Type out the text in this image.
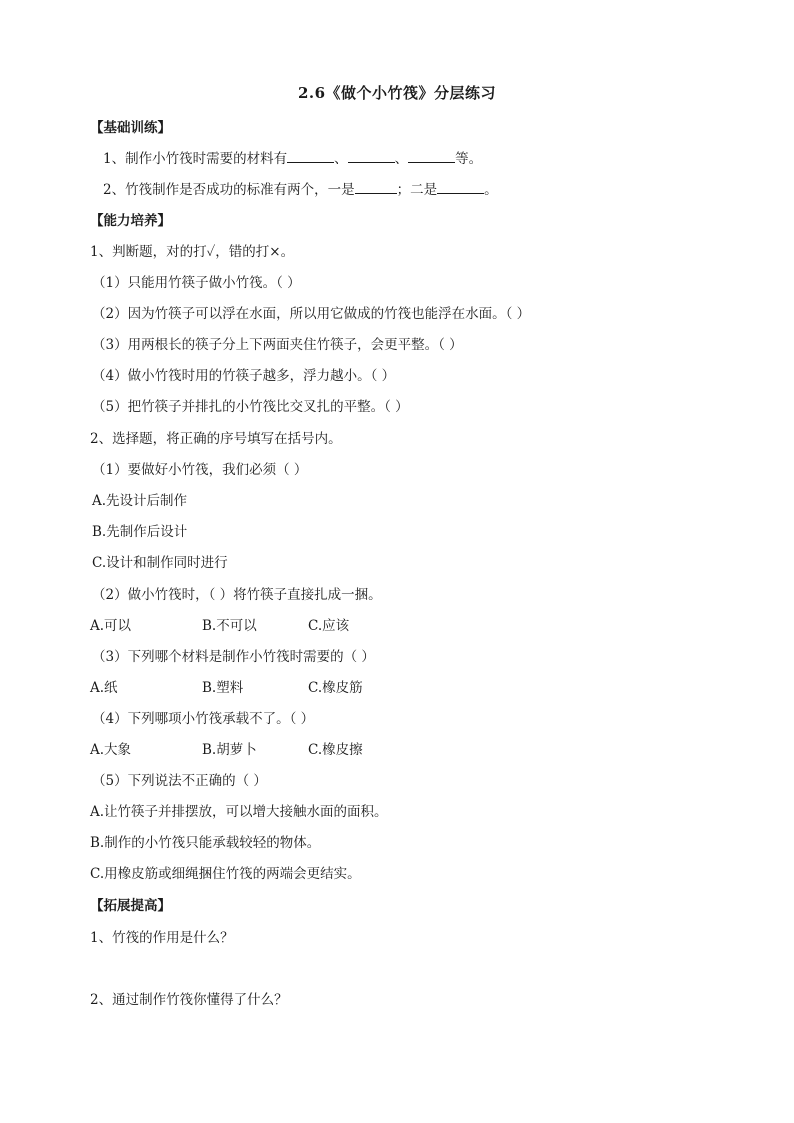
2.6《做个小竹筏》分层练习
【基础训练】
1、制作小竹筏时需要的材料有	、	、	等。
2、竹筏制作是否成功的标准有两个，一是	；二是	。
【能力培养】
1、判断题，对的打✓，错的打×。
（1）只能用竹筷子做小竹筏。（ ）
（2）因为竹筷子可以浮在水面，所以用它做成的竹筏也能浮在水面。（ ）
（3）用两根长的筷子分上下两面夹住竹筷子，会更平整。（ ）
（4）做小竹筏时用的竹筷子越多，浮力越小。（ ）
（5）把竹筷子并排扎的小竹筏比交叉扎的平整。（ ）
2、选择题，将正确的序号填写在括号内。
（1）要做好小竹筏，我们必须（ ）
A.先设计后制作
B.先制作后设计
C.设计和制作同时进行
（2）做小竹筏时，（ ）将竹筷子直接扎成一捆。
A.可以	B.不可以	C.应该
（3）下列哪个材料是制作小竹筏时需要的（ ）
A.纸	B.塑料	C.橡皮筋
（4）下列哪项小竹筏承载不了。（ ）
A.大象	B.胡萝卜	C.橡皮擦
（5）下列说法不正确的（ ）
A.让竹筷子并排摆放，可以增大接触水面的面积。
B.制作的小竹筏只能承载较轻的物体。
C.用橡皮筋或细绳捆住竹筏的两端会更结实。
【拓展提高】
1、竹筏的作用是什么？
2、通过制作竹筏你懂得了什么？
